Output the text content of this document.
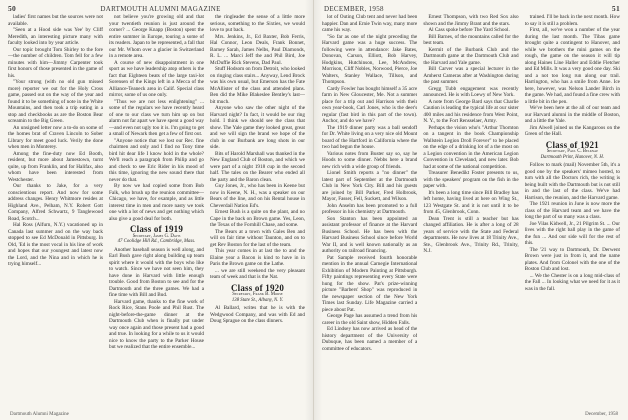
50	DARTMOUTH ALUMNI MAGAZINE

ladies' first names but the sources were not available.

"Seen at a Hood side was Yee' by Cliff Meredith, an interesting picture many with faculty looked into by year article.

Our topic brought Tom Shirley to the fore—the number of children. Tom fell for a few minutes with him—Jimmy Carpenter took first honors of those presented in the game of his.

"Your strong (with no old gun missed more) reporter we out for the Holy Cross game, passed out on the way of the year and found it to be something of note in the White Mountains, and then took a trip eating in a stop and checkbooks as are the Boston Bear screamin to the Big Green.

An unsigned letter now a to-do on some of the homes brat of Craven Lincoln to Sober Library for meet good luck. Verily the done when men in Monterey.

Among the fine-duty now Ed Booth, resident, but more about Jamestown, turnt quite, up from Franklin, and for Halifax, also whom have been interested from Westchester.

Our thanks to Jake, for a very conscientious report. And now for some address changes. Henry Whitmore resides at Highland Ave., Pelham, N.Y. Robert Gott Company, Alfred Schwartz, 9 Tanglewood Road, Scotch...

Hal Ross (Alfurn, N.Y.) vacationed up in Canada last summer and on the way back stopped to see Ed McDonald in Pittsburg. In Old, 'Ed is the most vocal in his line of work and hopes that our youngest and latest now the Lord, and the Nina and in which he is trying himself...

not believe you're growing old and that your twentieth reunion is just around the corner? ... George Knapp (Boston) spent the entire summer in Europe, touring a some of its readers. Japan to be represented, a fall that our Mr. Whom over a glacier in Switzerland in a remote area.

A course of new disappointment in one sport as we have leadership atop others is the fact that Eighteen beats of the large taxi-lot Sorensen of the Kings left in a Mecca of the Alliance-Teaneck area in Calif. Special class mirror, some of us one only.

"Thus we are not less enlightening" ... some of the regulars we have recently heard of one to our class we turn him up on but alarm not far apart we have spent a good way—and even not ugly too it is. I'm going to get a small of Newark then get a few of first out.

"Anyone notice that we lost our Rec. fine chairmen and only and I find no Tony time bird hit dear life I know hold in the whole? We'll reach a paragraph from Philip and go and check to see Eric Rider in his mood of this time, ignoring the new sound there that never do that.

By now we had copied some from Bob Falk, who brush up the reunion committee—Chicago, we have, for example, and as little interest time in men and more nasty we took one with a lot of news and get nothing which also give a good deal for both.

Class of 1919
Secretary, James G. Davis
47 Coolidge Hill Rd., Cambridge, Mass.

Another baseball season is well along, and Earl Bush gave right along building up team spirit where it would with the boys who like to watch. Since we have not seen him, they have done in Harvard with little enough trouble. Good from Boston to see and for the Dartmouth and the three games. We had a fine time with Bill and Bud.

Harvard game, thanks to the fine work of Rock Rice, Stans Poole and Phil Rust. The night-before-the-game dinner at the Dartmouth Club when is finally put under way once again and those present had a good and true. In looking for a while to us it would nice to know the party to the Parker House but we realized that the entire ensemble...

the ringleader the sense of a little more serious, something to the Sixties, we would love to put back.

Mrs. Jenkins, Jr., Ed Baxter, Bob Ferris, Hal Connor, Leon Deals, Frank Bonnet, Barney Sarah, James Nelbs, Paul Diamonds, R. L. ... Marci Jeff the and Phil Bird, Joe McDuffie Rick Stevens, Dad Paul.

Stuff Hodsom on from Detroit, who looked on ringing class stairs... Anyway, Lend Brock was his own usual, but Emerson has the Fate McAllister of the class and attended plans. Ben did the Mike Blakeslee Bentley's last—bit much.

Anyone who saw the other night of the Harvard night? In fact, it would be our ring hold. I think we should see the class that show. The Yale game they looked great, great and we will sign the brand we hope of the club in our Burbank are long shots in our side.

Bits of Harold Marshall was thanked in the New England Club of Boston, and which we were part of a night 1918 cup in the second half. The tales on the Bearer who ended all the party and the Baron clean.

Guy Jones, Jr., who has been in Keene but now in Keene, N. H., was a speaker on our Bears of the line, and on his Rental house in Cheverdail Nation Ed's.

Ernest Bush is a quite on the plant, and no Cape in the back on Brown game. Yes, Leon, the Texas of the Fornhill Chase, and some.

The Bears at a town with Gales Ben and will on fair time without Taunton, and on to get Rev Boston for the last of the team.

This year comes in at last the to and the Elaine year a Bacon is kind to have in in Paris the Brown game on the Lathe.

... we are still weekend the very pleasant team of week and that is the Nat.

Class of 1920
Secretary, Frank B. Morse
138 State St., Albany, N. Y.

Al Ballard, writes that he is with the Wedgwood Company, and was with Ed and Doug Sprague on the class dinners.

Dartmouth Alumni Magazine
DECEMBER, 1958	51

lot of Outing Club tent and never had been happier. Dan and Ernie Twin way, many more came his way.

"So far as one of the night preceding the Harvard game was a huge success. The following were in attendance: Jake Bates, Donovan, Carson, Elliott, Bob Harvey, Hodgkins, Hutchinson, Lee, McAndrew, Morrison, Cliff Nobles, Norwood, Pierce, Joe Walters, Stanley Wallace, Tillson, and Thompson.

Cardy Fowler has bought himself a 35 acre farm in New Gloucester, Me. Not a summer place for a trip out and Harrison with their own year-book, Carl Jones, who is the deer's regular (fast bird in this part of the town). Anchor, and do we have?

The 1919 dinner party was a ball sendoff for Dr. White living on a very nice old Mount board of the Hartford in California where the two had begun the house.

Various notes from Buster say so, say he Hoods to some dinner. Nebbs here a brand new rich with a wide group of friends.

Lionel Smith reports a "no dinner" the latest part of September at the Dartmouth Club in New York City. Bill and his guests are joined by Bill Parker, Fred Holbrook, Mayor, Fasser, Fell, Suckett, and Wilson.

John Anselm has been promoted to a full professor in his chemistry at Dartmouth.

Son Stanton has been appointed an assistant professor of finance at the Harvard Business School. He has been with the Harvard Business School since before World War II, and is well known nationally as an authority on railroad financing.

Pat Sample received fourth honorable mention in the annual Carnegie International Exhibition of Modern Painting at Pittsburgh. Fifty paintings representing every State were hung for the show. Pat's prize-winning picture "Barbers' Shop" was reproduced in the newspaper section of the New York Times last Sunday. Life Magazine carried a piece about Pat.

George Page has assumed a trend from his career in the old Saint show, Hidden Falls.

Ed Lindsey has now arrived as head of the history department of the University of Dubuque, has been named a member of a committee of educators.

Ernest Thompson, with two Red Sox also shown and the Jimmy Brant and the stars.

Al Cass spoke before The Yard School.

Bill Barnes, of the mountains called for the best team.

Kermit of the Burbank Club and the Dartmouth game at the Dartmouth Club and the Harvard and Yale game.

Bill Carver was a special lecturer in the Amherst Cameras after at Washington during the past summer.

Gregg Tubb engagement was recently announced. He is with Loewy of New York.

A note from George Bard says that Charlie Caution is leading the typical life at our sister 400 miles and his residence from West Point, N. Y., to the Fort Rensselaer, Army.

Perhaps the vision who's "Arthur Thornton on a tangent in the book Championship Wallstein Legion Droll Forever" to be placed on the edge of a drinking lot of a the most on a Legion convention in the American Legion Convention in Cleveland, and new later. Bob had at some of the national competition.

Treasurer Benedikt Foster presents to us, with the speakers' program on the fish in the paper with.

It's been a long time since Bill Bradley has left home, having lived at here on Wing St., 123 Westgate St. and it is not until it to be from 45, Glenbrook, Conn.

Dean Trent is still a teacher but has changed affiliation. He is after a long of 28 years of service with the State and Federal departments. He now lives at 18 Trinity Ave., Ste., Glenbrook Ave., Trinity Rd., Trinity, N.J.

trained. I'll be back in the next month. How to say it is still a problem.

First, all, we've won a number of the year during the last month. The Tibas game brought quite a contingent to Hanover, and while we brothers the mini games on the rough, the game on the season it will tip along Haines Line Haller and Eddie Fletcher and Ed Mills. It was a very good one day. Ski and a not too long run along our trail. Harrington, who has a smile from Anne. Ice here, however, was Nelson Lander Birch in the game. We had, and found a fine crew with a little bit in the pen.

We've been here at the all of our team and our Harvard alumni in the middle of Boston, and a little the Yale.

Jim Alwell joined us the Kangaroos on the Green of the Hall.

Class of 1921
Secretary, Paul C. Belknap
Dartmouth Print, Hanover, N. H.

Follow to mark (mail) November 5th, it's a good one by the speakers' mimeo hosted, to turn with all the Doctors rich, the writing is being built with the Dartmouth but is not still in and the last of the class. We've had Harrison, the reunion, and the Harvard game.

The 1921 reunion in June is now more the class of the Harvard team and we have the long the part of so many was a class.

Joe Vilas Kidwell, Jr., 21 Pilgrim St. ... Our lives with the right ball play in the game of the fun ... And our side will for the rest of this.

The '21 way to Dartmouth, Dr. Derwent Brown were just in from it, and the name plates. And from Colonel with the one of the Boston Club and lost.

... We the Chester is on a long mid-class of the Fall ... In looking what we need for it as it was in the fall.

December, 1958
